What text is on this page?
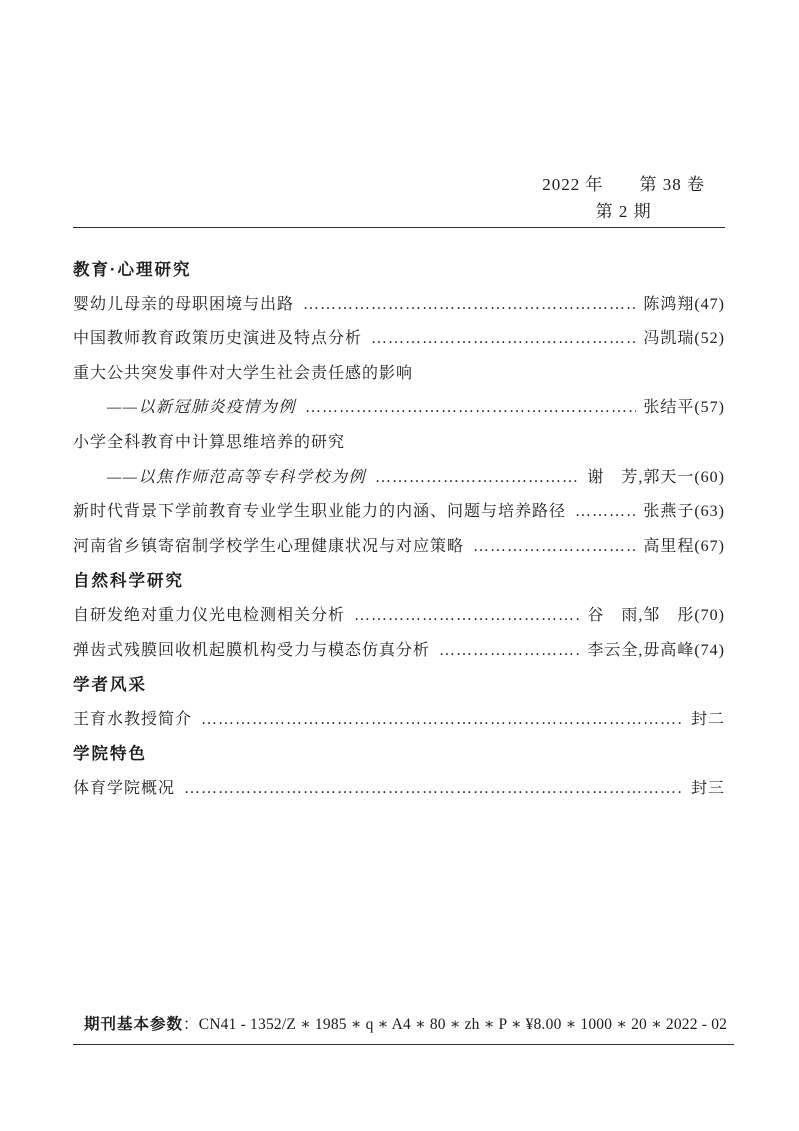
2022 年　　第 38 卷
第 2 期
教育·心理研究
婴幼儿母亲的母职困境与出路 ……………………………………………………………………………………………………………………	陈鸿翔(47)
中国教师教育政策历史演进及特点分析 ……………………………………………………………………………………………………………………	冯凯瑞(52)
重大公共突发事件对大学生社会责任感的影响
——以新冠肺炎疫情为例 ……………………………………………………………………………………………………………………	张结平(57)
小学全科教育中计算思维培养的研究
——以焦作师范高等专科学校为例 ……………………………………………………………………………………………………………………	谢　芳,郭天一(60)
新时代背景下学前教育专业学生职业能力的内涵、问题与培养路径 ……………………………………………………………………………………………………………………	张燕子(63)
河南省乡镇寄宿制学校学生心理健康状况与对应策略 ……………………………………………………………………………………………………………………	高里程(67)
自然科学研究
自研发绝对重力仪光电检测相关分析 ……………………………………………………………………………………………………………………	谷　雨,邹　彤(70)
弹齿式残膜回收机起膜机构受力与模态仿真分析 ……………………………………………………………………………………………………………………	李云全,毋高峰(74)
学者风采
王育水教授简介 ……………………………………………………………………………………………………………………	封二
学院特色
体育学院概况 ……………………………………………………………………………………………………………………	封三
期刊基本参数：CN41 - 1352/Z ∗ 1985 ∗ q ∗ A4 ∗ 80 ∗ zh ∗ P ∗ ¥8.00 ∗ 1000 ∗ 20 ∗ 2022 - 02
